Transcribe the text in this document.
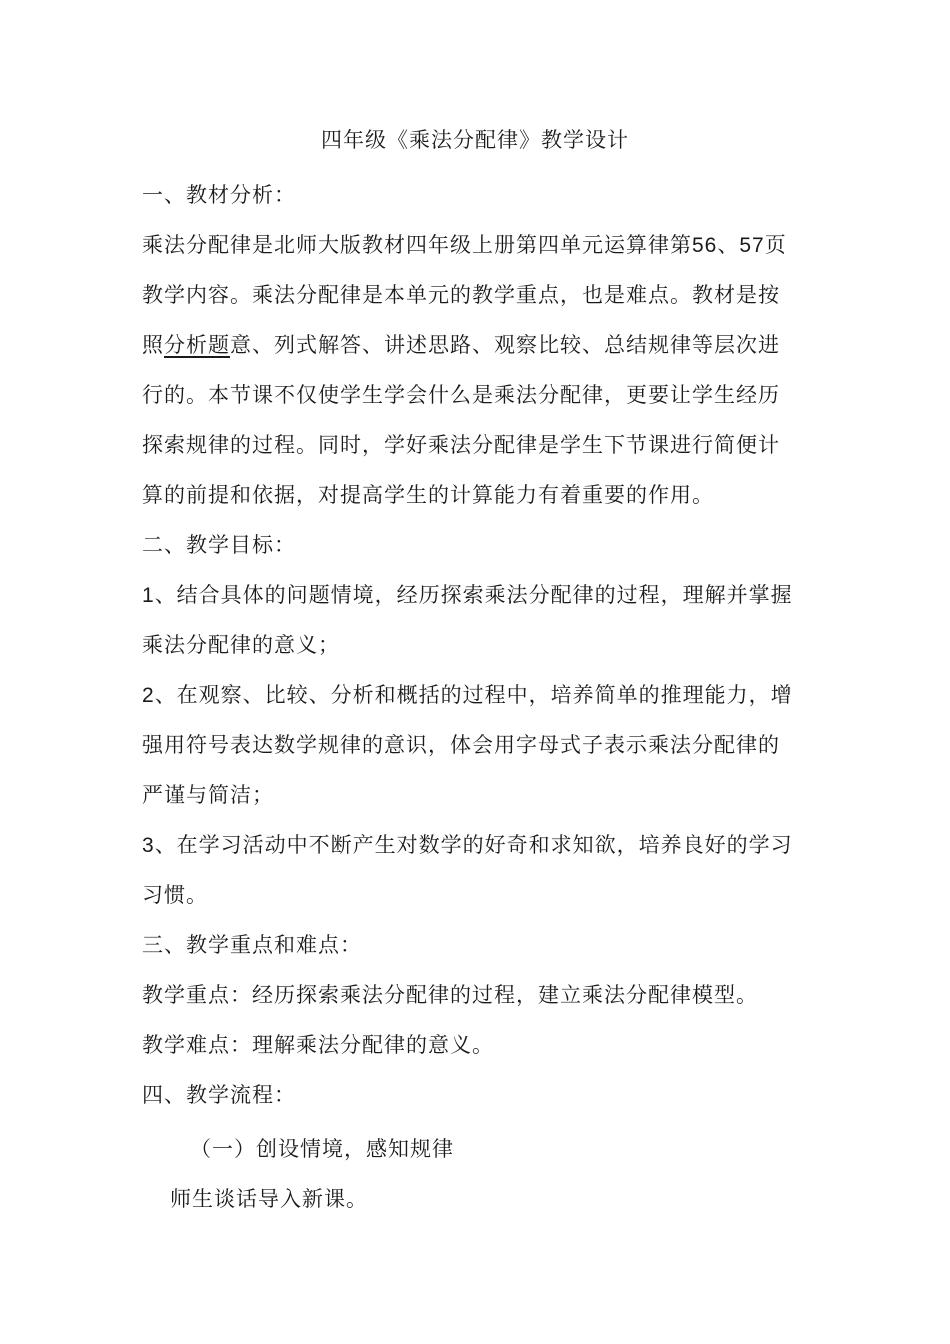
四年级《乘法分配律》教学设计
一、教材分析：
乘法分配律是北师大版教材四年级上册第四单元运算律第56、57页
教学内容。乘法分配律是本单元的教学重点，也是难点。教材是按
照分析题意、列式解答、讲述思路、观察比较、总结规律等层次进
行的。本节课不仅使学生学会什么是乘法分配律，更要让学生经历
探索规律的过程。同时，学好乘法分配律是学生下节课进行简便计
算的前提和依据，对提高学生的计算能力有着重要的作用。
二、教学目标：
1、结合具体的问题情境，经历探索乘法分配律的过程，理解并掌握
乘法分配律的意义；
2、在观察、比较、分析和概括的过程中，培养简单的推理能力，增
强用符号表达数学规律的意识，体会用字母式子表示乘法分配律的
严谨与简洁；
3、在学习活动中不断产生对数学的好奇和求知欲，培养良好的学习
习惯。
三、教学重点和难点：
教学重点：经历探索乘法分配律的过程，建立乘法分配律模型。
教学难点：理解乘法分配律的意义。
四、教学流程：
（一）创设情境，感知规律
师生谈话导入新课。
